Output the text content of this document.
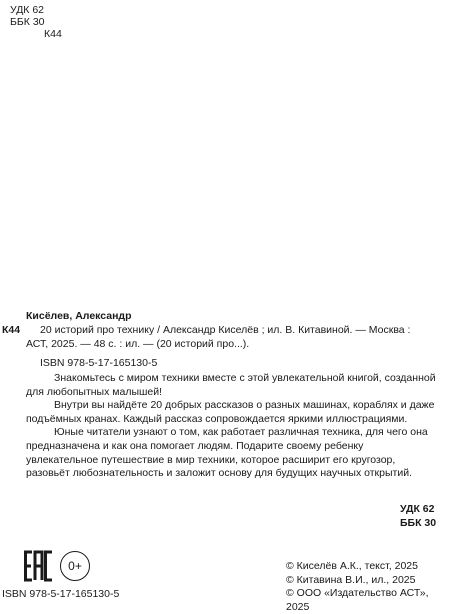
УДК 62
ББК 30
К44
Кисёлев, Александр
К44	20 историй про технику / Александр Киселёв ; ил. В. Китавиной. — Москва :
АСТ, 2025. — 48 с. : ил. — (20 историй про...).
ISBN 978-5-17-165130-5

Знакомьтесь с миром техники вместе с этой увлекательной книгой, созданной для любопытных малышей!

Внутри вы найдёте 20 добрых рассказов о разных машинах, кораблях и даже подъёмных кранах. Каждый рассказ сопровождается яркими иллюстрациями.

Юные читатели узнают о том, как работает различная техника, для чего она предназначена и как она помогает людям. Подарите своему ребенку увлекательное путешествие в мир техники, которое расширит его кругозор, разовьёт любознательность и заложит основу для будущих научных открытий.

УДК 62
ББК 30
0+
ISBN 978-5-17-165130-5
© Киселёв А.К., текст, 2025
© Китавина В.И., ил., 2025
© ООО «Издательство АСТ», 2025
